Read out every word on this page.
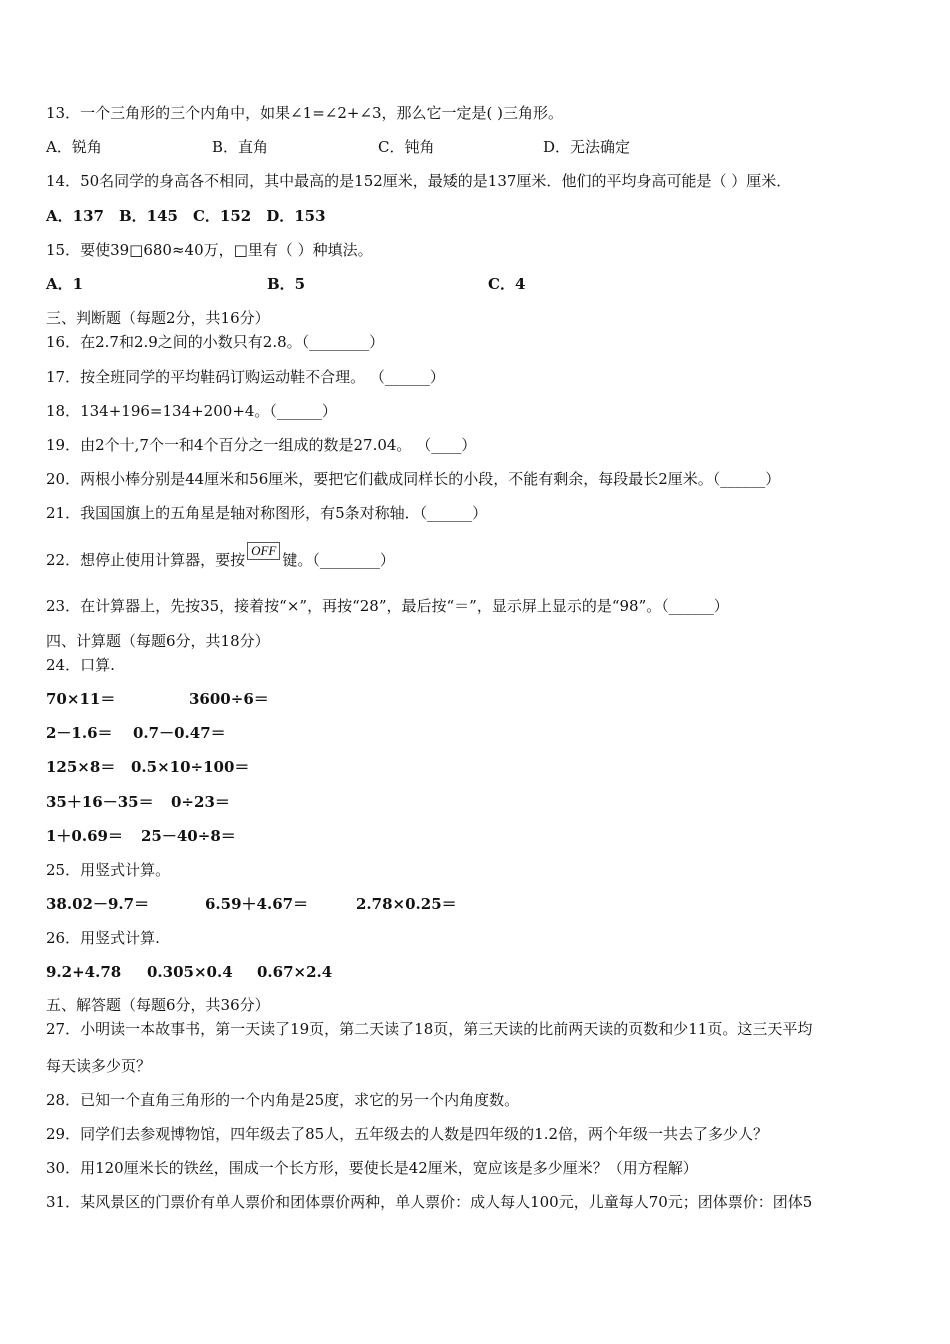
13．一个三角形的三个内角中，如果∠1=∠2+∠3，那么它一定是( )三角形。
A．锐角	B．直角	C．钝角	D．无法确定
14．50名同学的身高各不相同，其中最高的是152厘米，最矮的是137厘米．他们的平均身高可能是（ ）厘米．
A．137　B．145　C．152　D．153
15．要使39□680≈40万，□里有（ ）种填法。
A．1	B．5	C．4
三、判断题（每题2分，共16分）
16．在2.7和2.9之间的小数只有2.8。（________）
17．按全班同学的平均鞋码订购运动鞋不合理。 （______）
18．134+196=134+200+4。（______）
19．由2个十,7个一和4个百分之一组成的数是27.04。 （____）
20．两根小棒分别是44厘米和56厘米，要把它们截成同样长的小段，不能有剩余，每段最长2厘米。（______）
21．我国国旗上的五角星是轴对称图形，有5条对称轴．（______）
22．想停止使用计算器，要按OFF键。（________）
23．在计算器上，先按35，接着按“×”，再按“28”，最后按“＝”，显示屏上显示的是“98”。（______）
四、计算题（每题6分，共18分）
24．口算.
70×11＝	3600÷6＝
2－1.6＝ 0.7－0.47＝
125×8＝ 0.5×10÷100＝
35＋16－35＝ 0÷23＝
1＋0.69＝ 25－40÷8＝
25．用竖式计算。
38.02－9.7＝	6.59＋4.67＝	2.78×0.25＝
26．用竖式计算.
9.2+4.78 0.305×0.4 0.67×2.4
五、解答题（每题6分，共36分）
27．小明读一本故事书，第一天读了19页，第二天读了18页，第三天读的比前两天读的页数和少11页。这三天平均
每天读多少页？
28．已知一个直角三角形的一个内角是25度，求它的另一个内角度数。
29．同学们去参观博物馆，四年级去了85人，五年级去的人数是四年级的1.2倍，两个年级一共去了多少人？
30．用120厘米长的铁丝，围成一个长方形，要使长是42厘米，宽应该是多少厘米？（用方程解）
31．某风景区的门票价有单人票价和团体票价两种，单人票价：成人每人100元，儿童每人70元；团体票价：团体5
